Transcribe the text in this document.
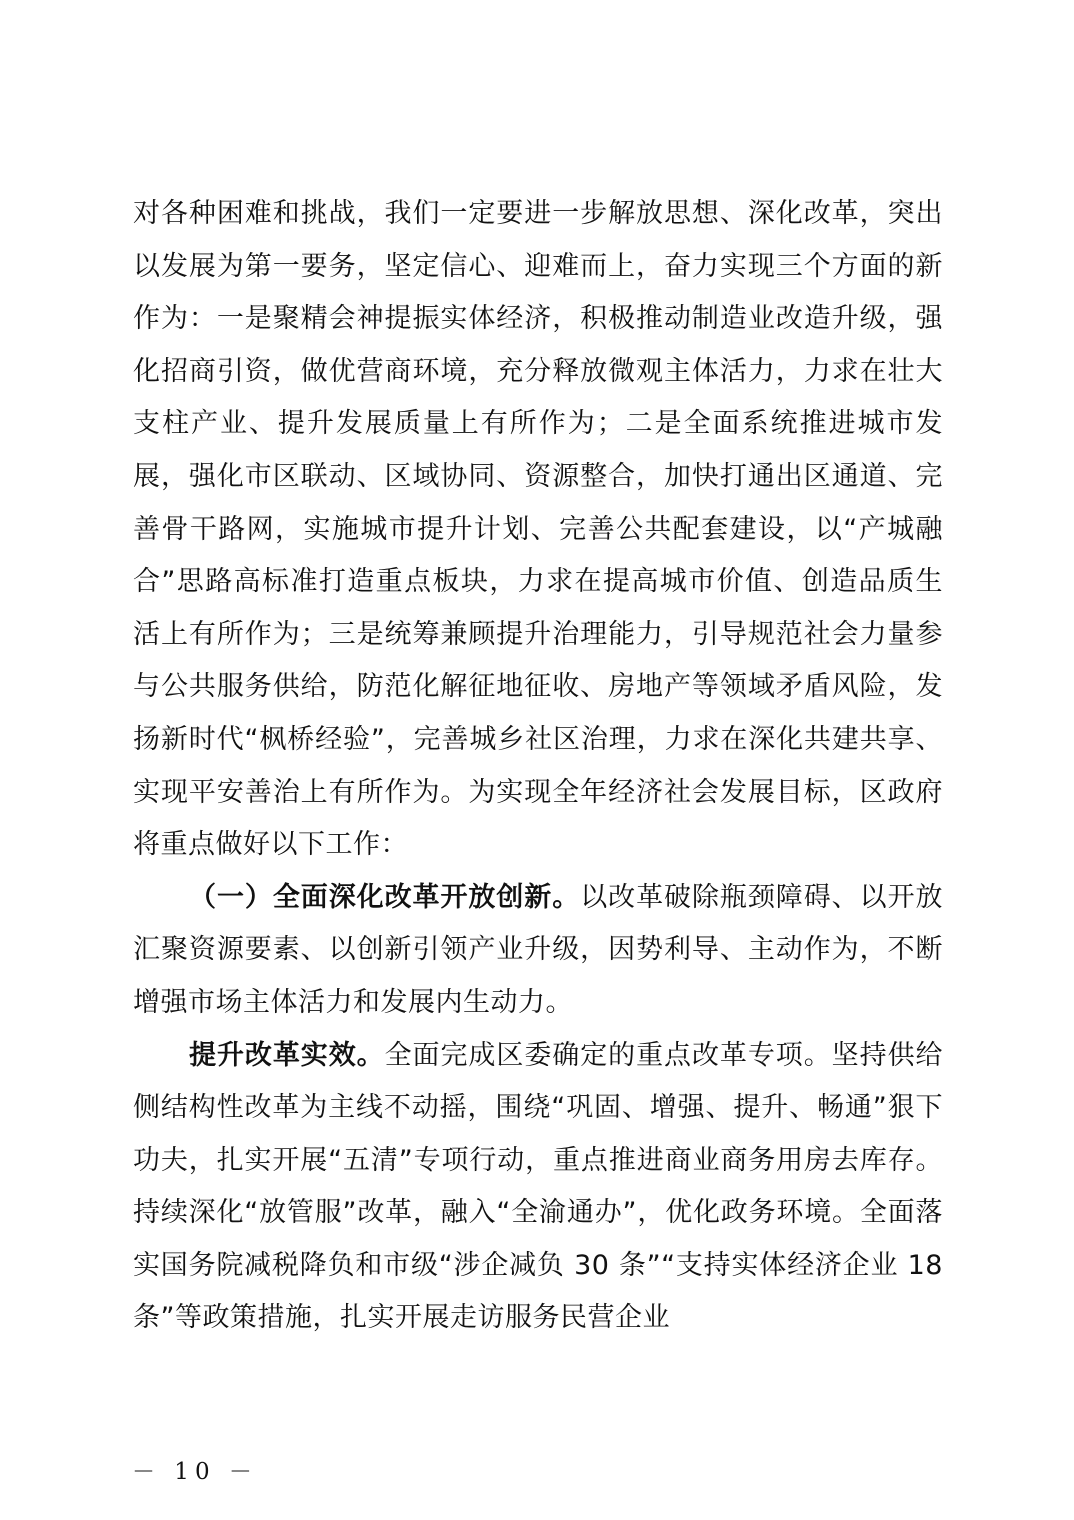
对各种困难和挑战，我们一定要进一步解放思想、深化改革，突出以发展为第一要务，坚定信心、迎难而上，奋力实现三个方面的新作为：一是聚精会神提振实体经济，积极推动制造业改造升级，强化招商引资，做优营商环境，充分释放微观主体活力，力求在壮大支柱产业、提升发展质量上有所作为；二是全面系统推进城市发展，强化市区联动、区域协同、资源整合，加快打通出区通道、完善骨干路网，实施城市提升计划、完善公共配套建设，以“产城融合”思路高标准打造重点板块，力求在提高城市价值、创造品质生活上有所作为；三是统筹兼顾提升治理能力，引导规范社会力量参与公共服务供给，防范化解征地征收、房地产等领域矛盾风险，发扬新时代“枫桥经验”，完善城乡社区治理，力求在深化共建共享、实现平安善治上有所作为。为实现全年经济社会发展目标，区政府将重点做好以下工作：

（一）全面深化改革开放创新。以改革破除瓶颈障碍、以开放汇聚资源要素、以创新引领产业升级，因势利导、主动作为，不断增强市场主体活力和发展内生动力。

提升改革实效。全面完成区委确定的重点改革专项。坚持供给侧结构性改革为主线不动摇，围绕“巩固、增强、提升、畅通”狠下功夫，扎实开展“五清”专项行动，重点推进商业商务用房去库存。持续深化“放管服”改革，融入“全渝通办”，优化政务环境。全面落实国务院减税降负和市级“涉企减负 30 条”“支持实体经济企业 18 条”等政策措施，扎实开展走访服务民营企业

－ 10 －
